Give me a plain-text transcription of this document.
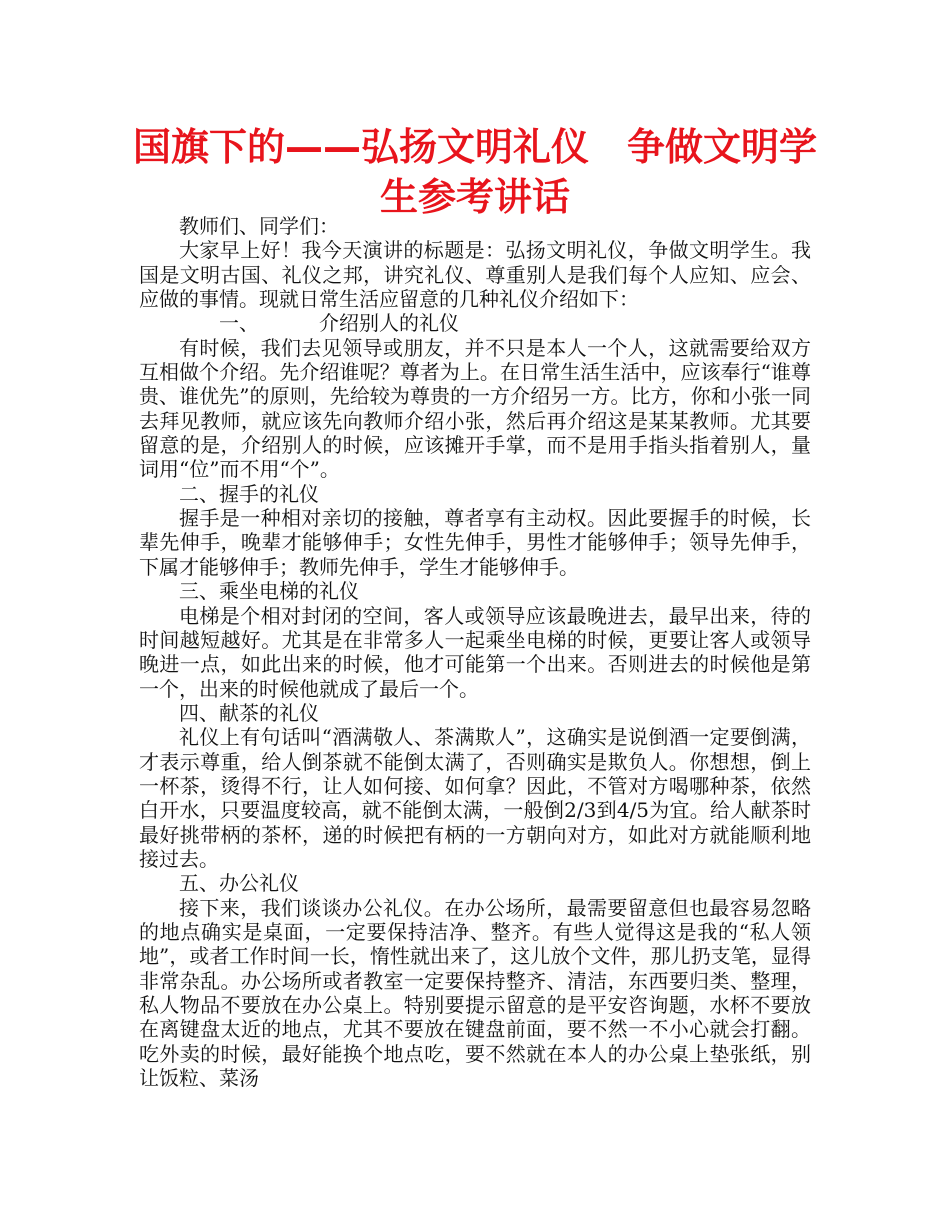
国旗下的——弘扬文明礼仪　争做文明学
生参考讲话

教师们、同学们：

大家早上好！我今天演讲的标题是：弘扬文明礼仪，争做文明学生。我国是文明古国、礼仪之邦，讲究礼仪、尊重别人是我们每个人应知、应会、应做的事情。现就日常生活应留意的几种礼仪介绍如下：

一、	介绍别人的礼仪

有时候，我们去见领导或朋友，并不只是本人一个人，这就需要给双方互相做个介绍。先介绍谁呢？尊者为上。在日常生活生活中，应该奉行“谁尊贵、谁优先”的原则，先给较为尊贵的一方介绍另一方。比方，你和小张一同去拜见教师，就应该先向教师介绍小张，然后再介绍这是某某教师。尤其要留意的是，介绍别人的时候，应该摊开手掌，而不是用手指头指着别人，量词用“位”而不用“个”。

二、握手的礼仪

握手是一种相对亲切的接触，尊者享有主动权。因此要握手的时候，长辈先伸手，晚辈才能够伸手；女性先伸手，男性才能够伸手；领导先伸手，下属才能够伸手；教师先伸手，学生才能够伸手。

三、乘坐电梯的礼仪

电梯是个相对封闭的空间，客人或领导应该最晚进去，最早出来，待的时间越短越好。尤其是在非常多人一起乘坐电梯的时候，更要让客人或领导晚进一点，如此出来的时候，他才可能第一个出来。否则进去的时候他是第一个，出来的时候他就成了最后一个。

四、献茶的礼仪

礼仪上有句话叫“酒满敬人、茶满欺人”，这确实是说倒酒一定要倒满，才表示尊重，给人倒茶就不能倒太满了，否则确实是欺负人。你想想，倒上一杯茶，烫得不行，让人如何接、如何拿？因此，不管对方喝哪种茶，依然白开水，只要温度较高，就不能倒太满，一般倒2/3到4/5为宜。给人献茶时最好挑带柄的茶杯，递的时候把有柄的一方朝向对方，如此对方就能顺利地接过去。

五、办公礼仪

接下来，我们谈谈办公礼仪。在办公场所，最需要留意但也最容易忽略的地点确实是桌面，一定要保持洁净、整齐。有些人觉得这是我的“私人领地”，或者工作时间一长，惰性就出来了，这儿放个文件，那儿扔支笔，显得非常杂乱。办公场所或者教室一定要保持整齐、清洁，东西要归类、整理，私人物品不要放在办公桌上。特别要提示留意的是平安咨询题，水杯不要放在离键盘太近的地点，尤其不要放在键盘前面，要不然一不小心就会打翻。吃外卖的时候，最好能换个地点吃，要不然就在本人的办公桌上垫张纸，别让饭粒、菜汤
